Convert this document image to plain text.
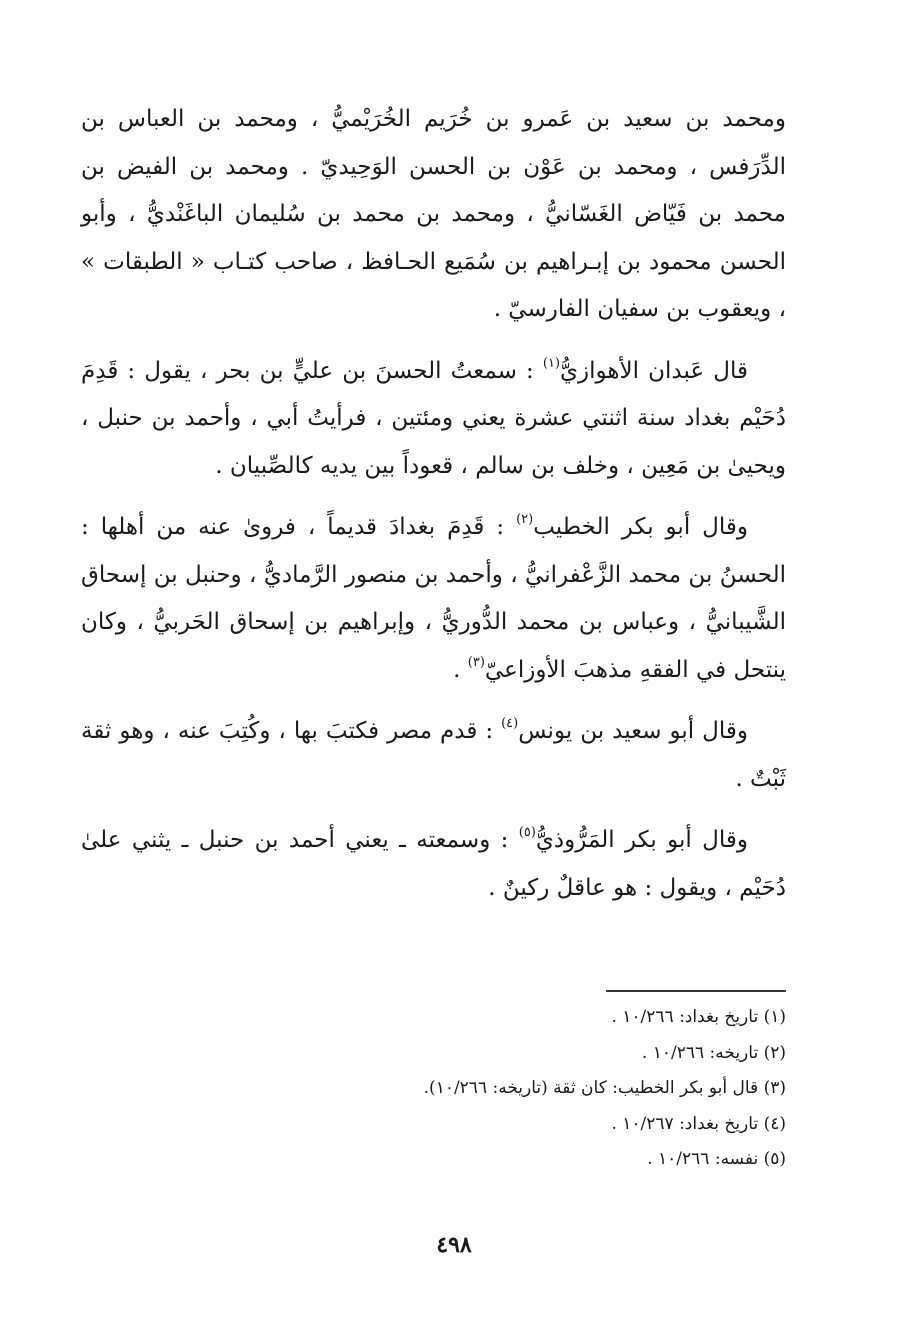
ومحمد بن سعيد بن عَمرو بن خُرَيم الخُرَيْميُّ ، ومحمد بن العباس بن الدِّرَفس ، ومحمد بن عَوْن بن الحسن الوَحِيديّ . ومحمد بن الفيض بن محمد بن فَيّاض الغَسّانيُّ ، ومحمد بن محمد بن سُليمان الباغَنْديُّ ، وأبو الحسن محمود بن إبـراهيم بن سُمَيع الحـافظ ، صاحب كتـاب « الطبقات » ، ويعقوب بن سفيان الفارسيّ .

قال عَبدان الأهوازيُّ$^{(١)}$ : سمعتُ الحسنَ بن عليٍّ بن بحر ، يقول : قَدِمَ دُحَيْم بغداد سنة اثنتي عشرة يعني ومئتين ، فرأيتُ أبي ، وأحمد بن حنبل ، ويحيىٰ بن مَعِين ، وخلف بن سالم ، قعوداً بين يديه كالصِّبيان .

وقال أبو بكر الخطيب$^{(٢)}$ : قَدِمَ بغدادَ قديماً ، فروىٰ عنه من أهلها : الحسنُ بن محمد الزَّعْفرانيُّ ، وأحمد بن منصور الرَّماديُّ ، وحنبل بن إسحاق الشَّيبانيُّ ، وعباس بن محمد الدُّوريُّ ، وإبراهيم بن إسحاق الحَربيُّ ، وكان ينتحل في الفقهِ مذهبَ الأوزاعيّ$^{(٣)}$ .

وقال أبو سعيد بن يونس$^{(٤)}$ : قدم مصر فكتبَ بها ، وكُتِبَ عنه ، وهو ثقة ثَبْتٌ .

وقال أبو بكر المَرُّوذيُّ$^{(٥)}$ : وسمعته ـ يعني أحمد بن حنبل ـ يثني علىٰ دُحَيْم ، ويقول : هو عاقلٌ ركينٌ .

(١) تاريخ بغداد: ١٠/٢٦٦ .
(٢) تاريخه: ١٠/٢٦٦ .
(٣) قال أبو بكر الخطيب: كان ثقة (تاريخه: ١٠/٢٦٦).
(٤) تاريخ بغداد: ١٠/٢٦٧ .
(٥) نفسه: ١٠/٢٦٦ .
٤٩٨
